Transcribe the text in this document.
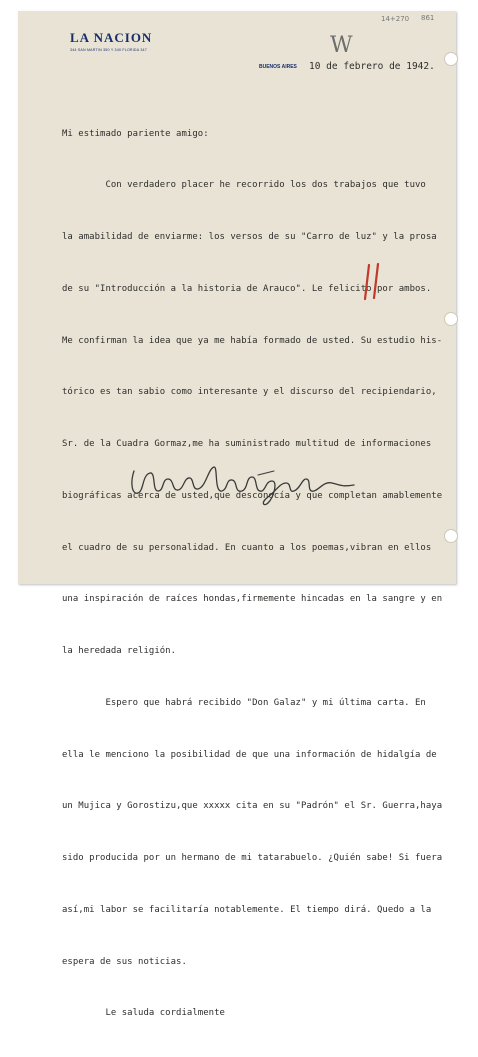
LA NACION
344 SAN MARTIN 350 Y 340 FLORIDA 347
BUENOS AIRES 10 de febrero de 1942.
W
14+270 861

Mi estimado pariente amigo:

Con verdadero placer he recorrido los dos trabajos que tuvo

la amabilidad de enviarme: los versos de su "Carro de luz" y la prosa

de su "Introducción a la historia de Arauco". Le felicito por ambos.

Me confirman la idea que ya me había formado de usted. Su estudio his-

tórico es tan sabio como interesante y el discurso del recipiendario,

Sr. de la Cuadra Gormaz,me ha suministrado multitud de informaciones

biográficas acerca de usted,que desconocía y que completan amablemente

el cuadro de su personalidad. En cuanto a los poemas,vibran en ellos

una inspiración de raíces hondas,firmemente hincadas en la sangre y en

la heredada religión.

Espero que habrá recibido "Don Galaz" y mi última carta. En

ella le menciono la posibilidad de que una información de hidalgía de

un Mujica y Gorostizu,que xxxxx cita en su "Padrón" el Sr. Guerra,haya

sido producida por un hermano de mi tatarabuelo. ¿Quién sabe! Si fuera

así,mi labor se facilitaría notablemente. El tiempo dirá. Quedo a la

espera de sus noticias.

Le saluda cordialmente
